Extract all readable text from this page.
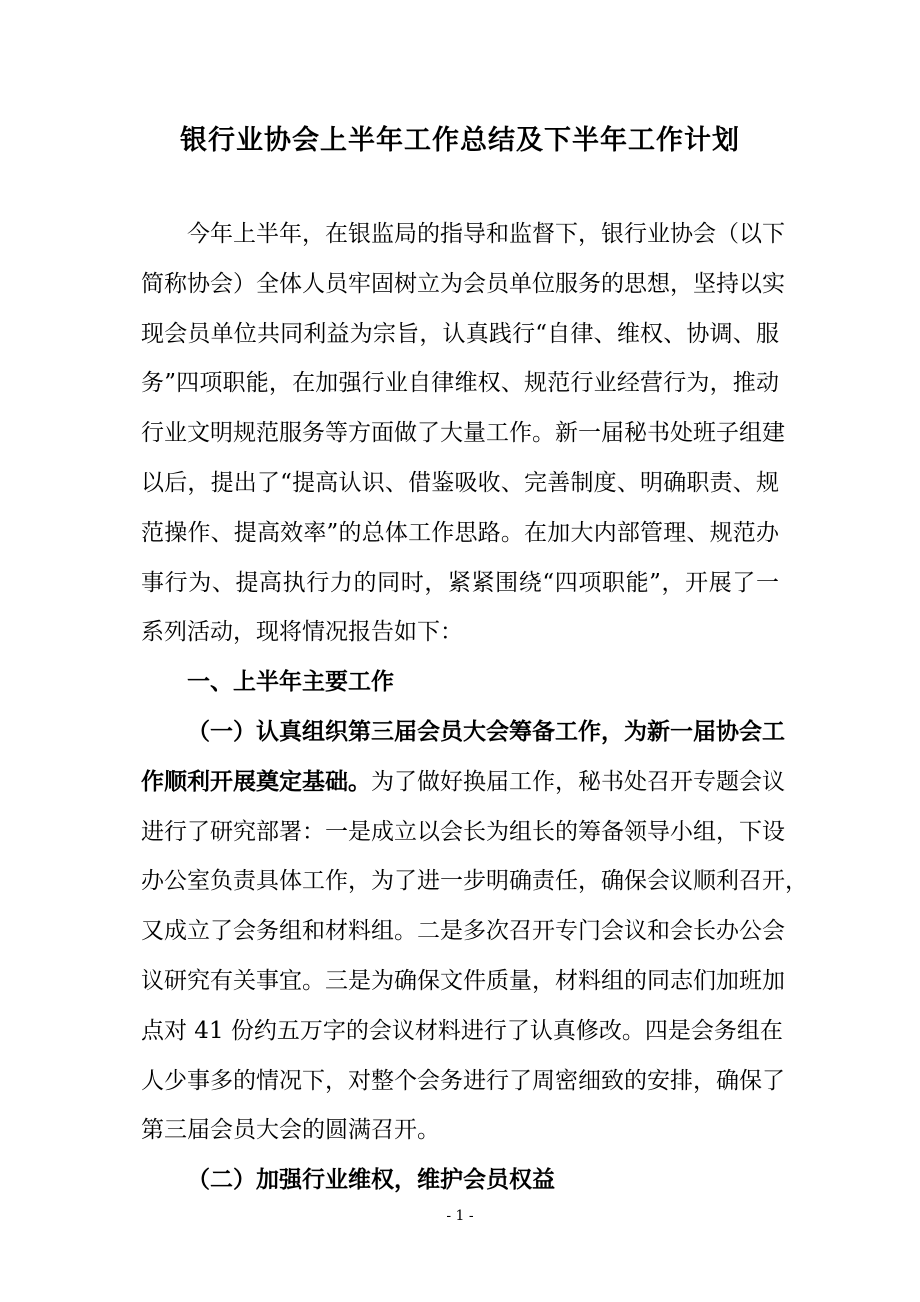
银行业协会上半年工作总结及下半年工作计划

今年上半年，在银监局的指导和监督下，银行业协会（以下

简称协会）全体人员牢固树立为会员单位服务的思想，坚持以实

现会员单位共同利益为宗旨，认真践行“自律、维权、协调、服

务”四项职能，在加强行业自律维权、规范行业经营行为，推动

行业文明规范服务等方面做了大量工作。新一届秘书处班子组建

以后，提出了“提高认识、借鉴吸收、完善制度、明确职责、规

范操作、提高效率”的总体工作思路。在加大内部管理、规范办

事行为、提高执行力的同时，紧紧围绕“四项职能”，开展了一

系列活动，现将情况报告如下：

一、上半年主要工作

（一）认真组织第三届会员大会筹备工作，为新一届协会工

作顺利开展奠定基础。为了做好换届工作，秘书处召开专题会议

进行了研究部署：一是成立以会长为组长的筹备领导小组，下设

办公室负责具体工作，为了进一步明确责任，确保会议顺利召开，

又成立了会务组和材料组。二是多次召开专门会议和会长办公会

议研究有关事宜。三是为确保文件质量，材料组的同志们加班加

点对 41 份约五万字的会议材料进行了认真修改。四是会务组在

人少事多的情况下，对整个会务进行了周密细致的安排，确保了

第三届会员大会的圆满召开。

（二）加强行业维权，维护会员权益

- 1 -
